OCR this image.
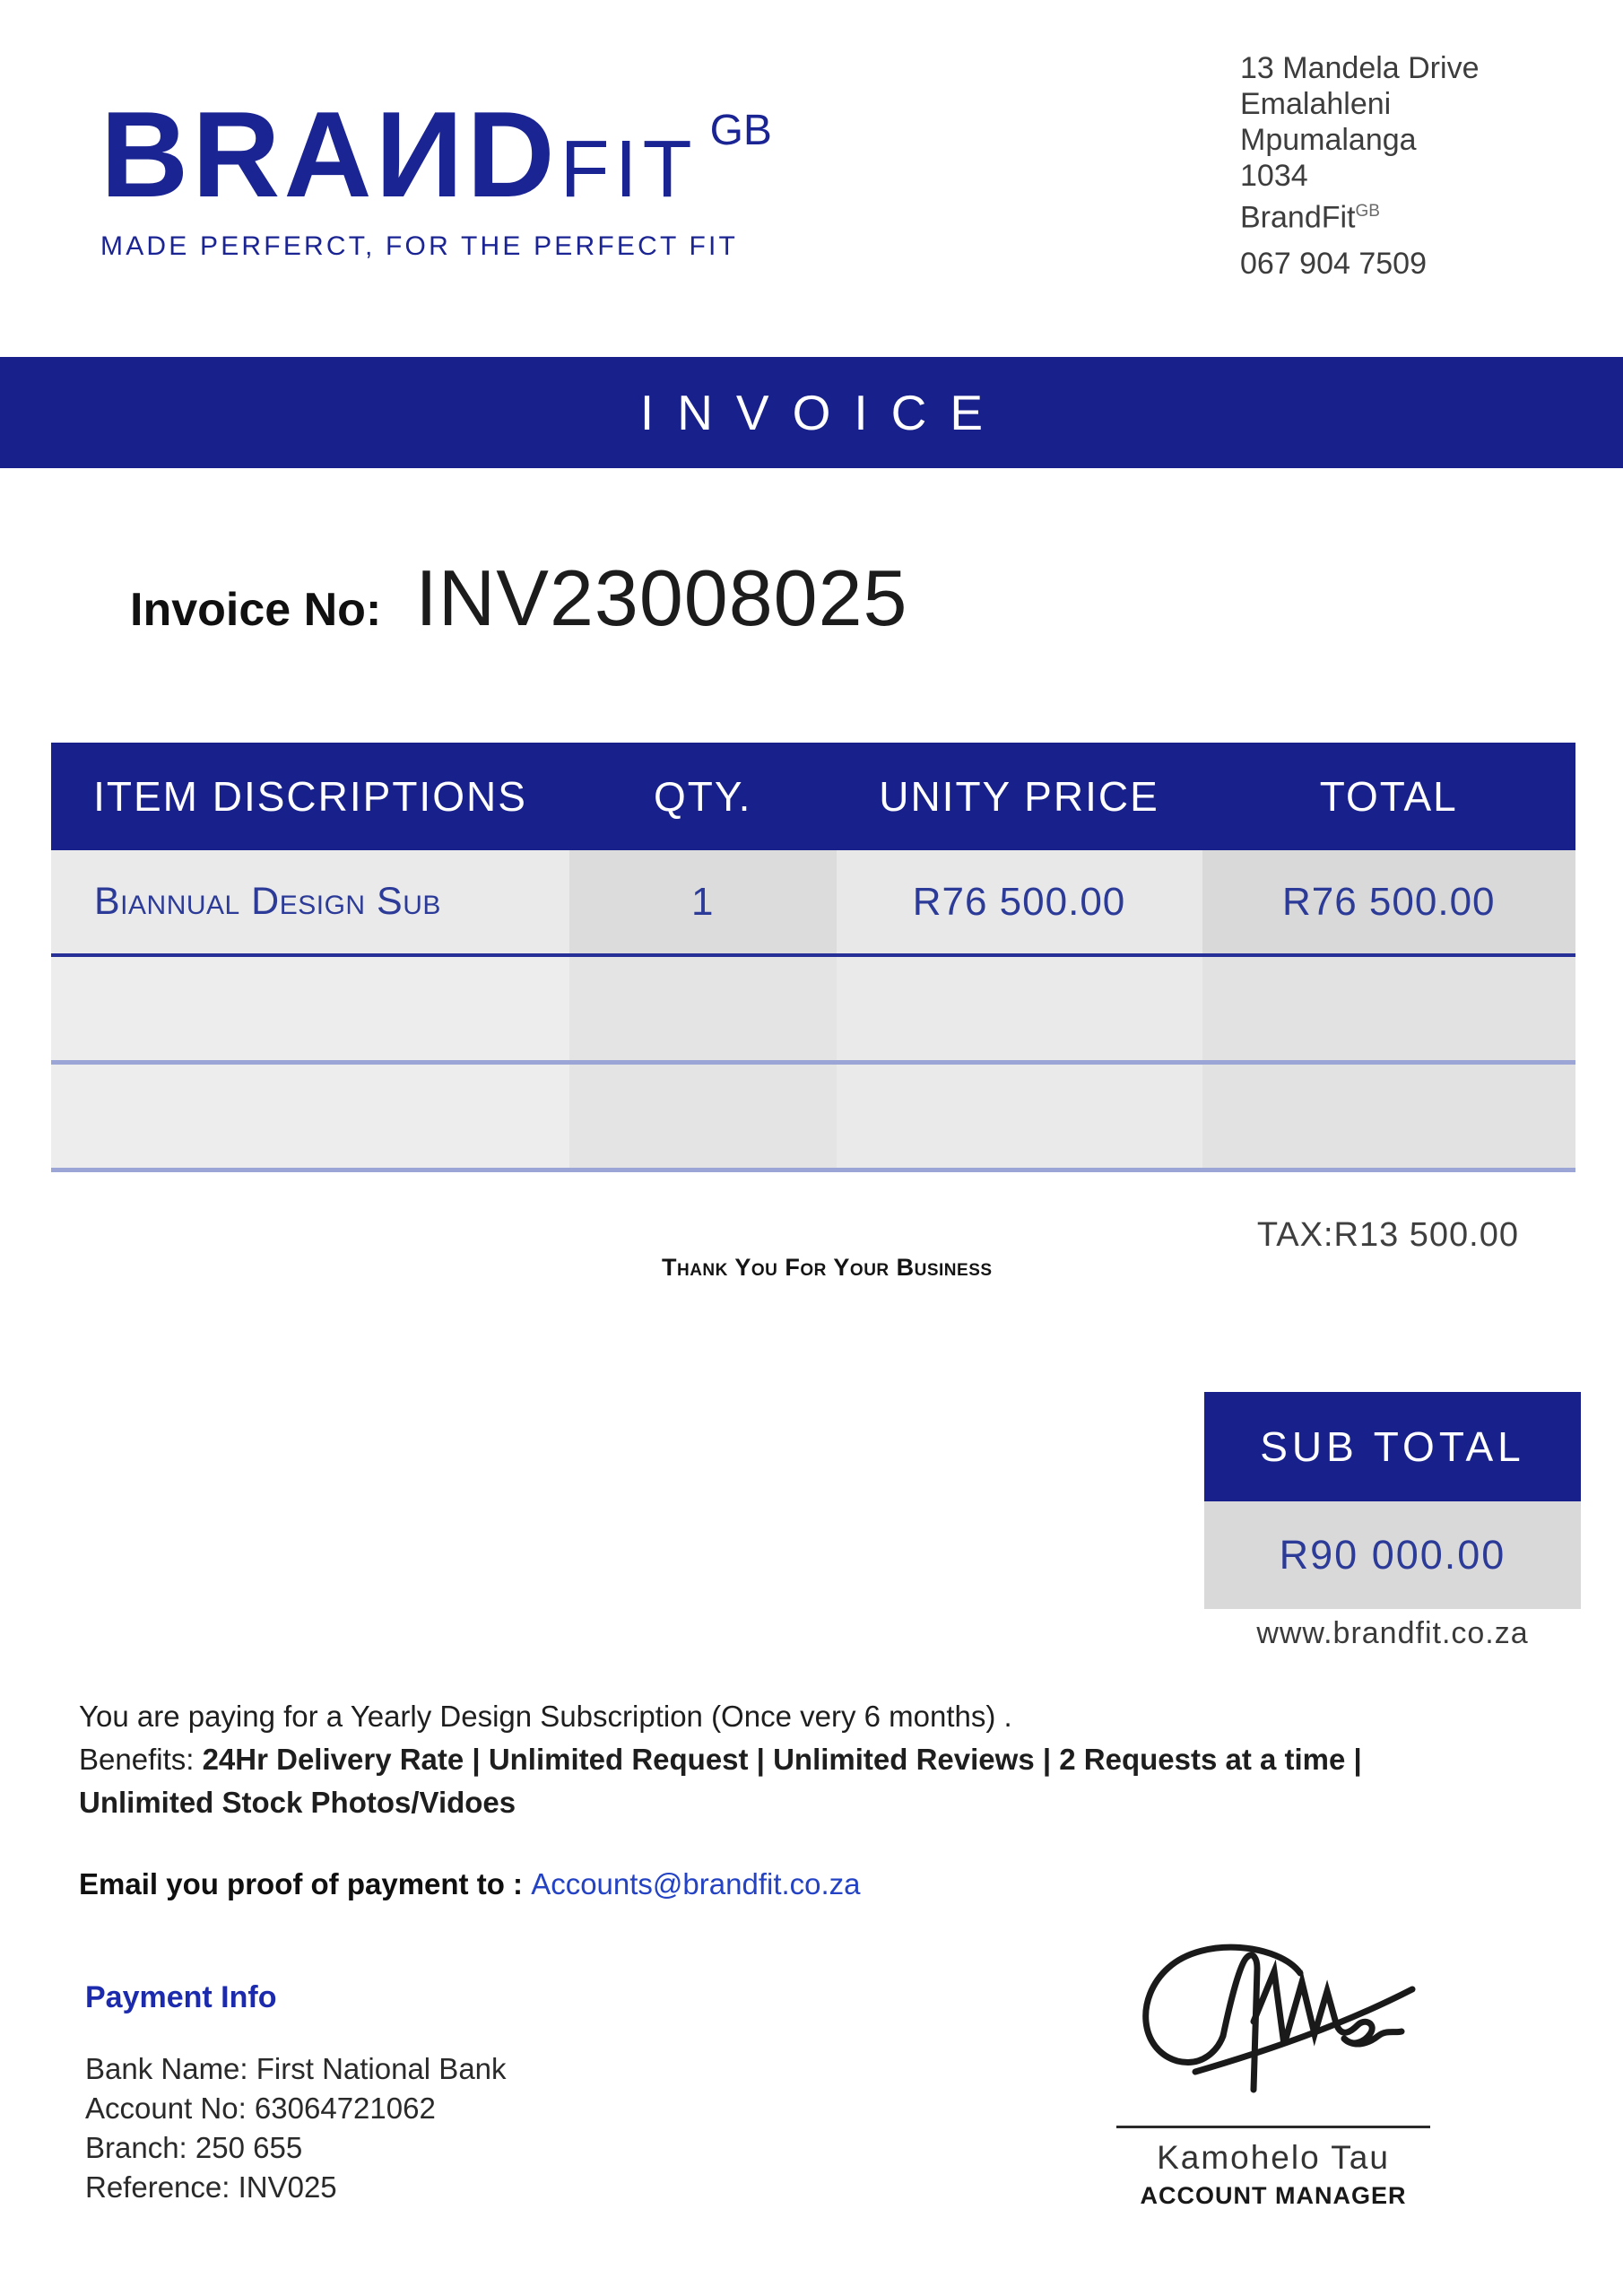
BRAИD FIT GB
MADE PERFERCT, FOR THE PERFECT FIT
13 Mandela Drive
Emalahleni
Mpumalanga
1034
BrandFit$^{GB}$
067 904 7509
INVOICE
Invoice No: INV23008025
ITEM DISCRIPTIONS	QTY.	UNITY PRICE	TOTAL
Biannual Design Sub	1	R76 500.00	R76 500.00
TAX:R13 500.00
Thank You For Your Business
SUB TOTAL
R90 000.00
www.brandfit.co.za
You are paying for a Yearly Design Subscription (Once very 6 months) .
Benefits: 24Hr Delivery Rate | Unlimited Request | Unlimited Reviews | 2 Requests at a time | Unlimited Stock Photos/Vidoes
Email you proof of payment to : Accounts@brandfit.co.za
Payment Info
Bank Name: First National Bank
Account No: 63064721062
Branch: 250 655
Reference: INV025
Kamohelo Tau
ACCOUNT MANAGER
